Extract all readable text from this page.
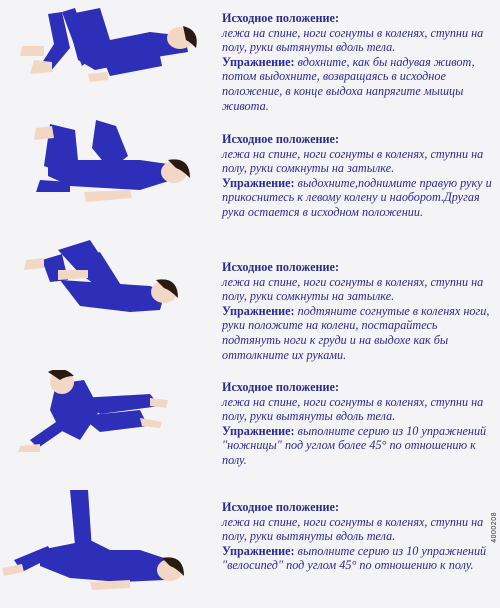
Исходное положение:
лежа на спине, ноги согнуты в коленях, ступни на полу, руки вытянуты вдоль тела.
Упражнение: вдохните, как бы надувая живот, потом выдохните, возвращаясь в исходное положение, в конце выдоха напрягите мышцы живота.
Исходное положение:
лежа на спине, ноги согнуты в коленях, ступни на полу, руки сомкнуты на затылке.
Упражнение: выдохните,поднимите правую руку и прикоснитесь к левому колену и наоборот.Другая рука остается в исходном положении.
Исходное положение:
лежа на спине, ноги согнуты в коленях, ступни на полу, руки сомкнуты на затылке.
Упражнение: подтяните согнутые в коленях ноги, руки положите на колени, постарайтесь подтянуть ноги к груди и на выдохе как бы оттолкните их руками.
Исходное положение:
лежа на спине, ноги согнуты в коленях, ступни на полу, руки вытянуты вдоль тела.
Упражнение: выполните серию из 10 упражнений "ножницы" под углом более 45° по отношению к полу.
Исходное положение:
лежа на спине, ноги согнуты в коленях, ступни на полу, руки вытянуты вдоль тела.
Упражнение: выполните серию из 10 упражнений "велосипед" под углом 45° по отношению к полу.
4000208
